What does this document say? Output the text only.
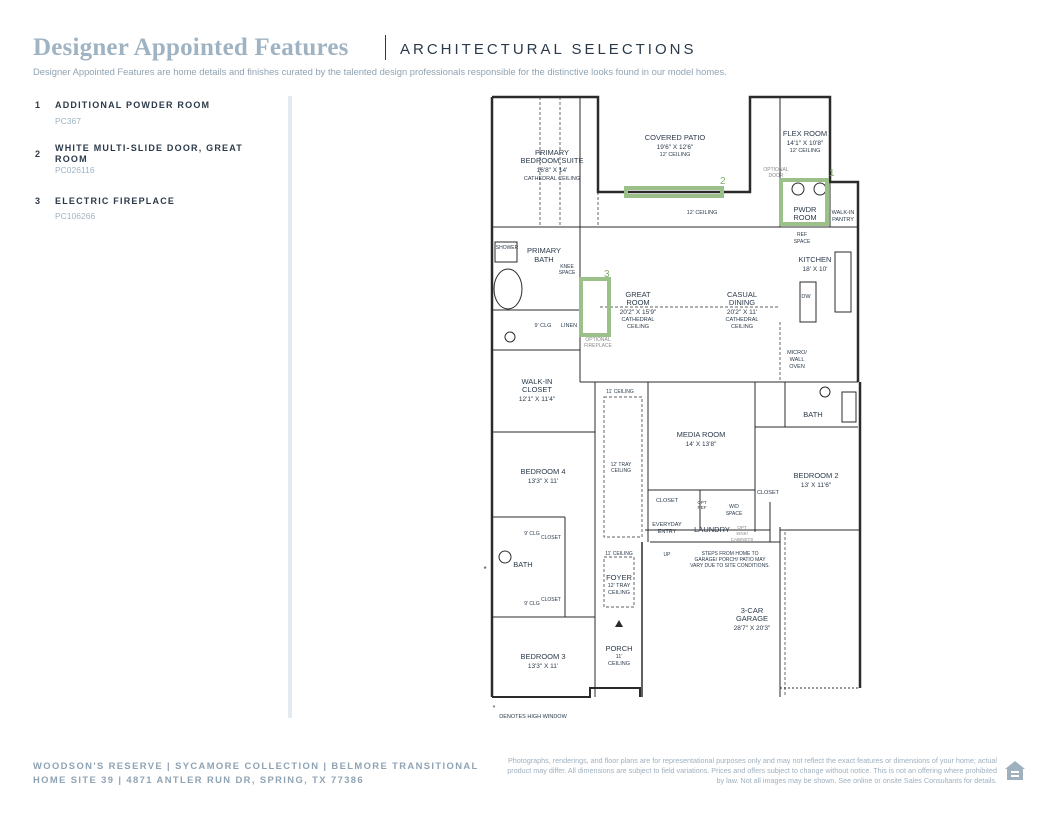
Designer Appointed Features	ARCHITECTURAL SELECTIONS
Designer Appointed Features are home details and finishes curated by the talented design professionals responsible for the distinctive looks found in our model homes.
1 ADDITIONAL POWDER ROOM
PC367
2
WHITE MULTI-SLIDE DOOR, GREAT ROOM
PC026116
3 ELECTRIC FIREPLACE
PC106266
1
2
3
PRIMARY
BEDROOM SUITE
16'8" X 14'
CATHEDRAL CEILING
COVERED PATIO
19'6" X 12'6"
12' CEILING
FLEX ROOM
14'1" X 10'8"
12' CEILING
OPTIONAL
DOOR
PWDR
ROOM	WALK-IN
PANTRY
12' CEILING
REF
SPACE
KITCHEN
18' X 10'
SHOWER PRIMARY
BATH
KNEE
SPACE
GREAT
ROOM
20'2" X 15'9"
CATHEDRAL
CEILING
CASUAL
DINING
20'2" X 11'
CATHEDRAL
CEILING
DW
9' CLG LINEN
OPTIONAL
FIREPLACE
MICRO/
WALL
OVEN
WALK-IN
CLOSET
12'1" X 11'4"
11' CEILING
MEDIA ROOM
14' X 13'8"
BATH
BEDROOM 4
13'3" X 11'
12' TRAY
CEILING	BEDROOM 2
13' X 11'6"
CLOSET
CLOSET	OPT
REF	W/D
SPACE
EVERYDAY
ENTRY LAUNDRY OPT
SINK/
CABINETS
UP
9' CLG
CLOSET
BATH
CLOSET
9' CLG
11' CEILING	STEPS FROM HOME TO
GARAGE/ PORCH/ PATIO MAY
VARY DUE TO SITE CONDITIONS.
FOYER
12' TRAY
CEILING
3-CAR
GARAGE
28'7" X 20'3"
BEDROOM 3
13'3" X 11'
PORCH
11'
CEILING
*
*
DENOTES HIGH WINDOW
WOODSON'S RESERVE | SYCAMORE COLLECTION | BELMORE TRANSITIONAL
HOME SITE 39 | 4871 ANTLER RUN DR, SPRING, TX 77386
Photographs, renderings, and floor plans are for representational purposes only and may not reflect the exact features or dimensions of your home; actual product may differ. All dimensions are subject to field variations. Prices and offers subject to change without notice. This is not an offering where prohibited by law. Not all images may be shown. See online or onsite Sales Consultants for details.
